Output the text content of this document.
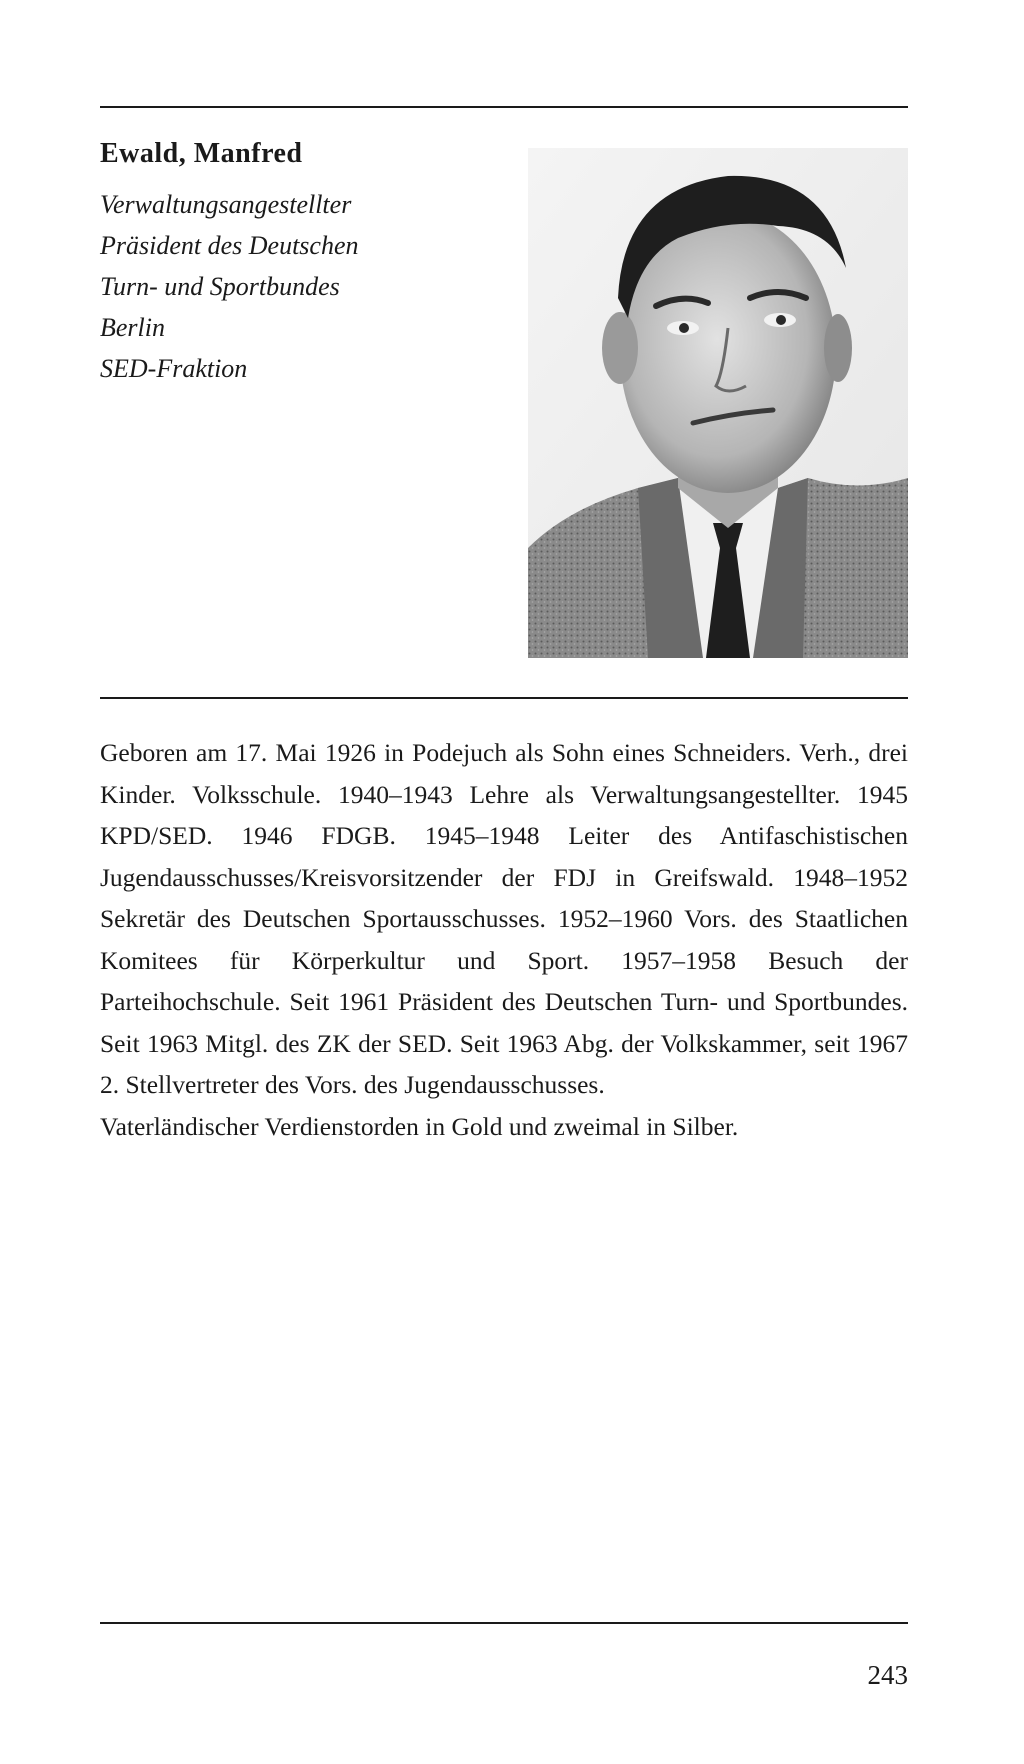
Ewald, Manfred

Verwaltungsangestellter

Präsident des Deutschen

Turn- und Sportbundes

Berlin

SED-Fraktion

Geboren am 17. Mai 1926 in Podejuch als Sohn eines Schneiders. Verh., drei Kinder. Volksschule. 1940–1943 Lehre als Verwaltungsangestellter. 1945 KPD/SED. 1946 FDGB. 1945–1948 Leiter des Antifaschistischen Jugendausschusses/Kreisvorsitzender der FDJ in Greifswald. 1948–1952 Sekretär des Deutschen Sportausschusses. 1952–1960 Vors. des Staatlichen Komitees für Körperkultur und Sport. 1957–1958 Besuch der Parteihochschule. Seit 1961 Präsident des Deutschen Turn- und Sportbundes. Seit 1963 Mitgl. des ZK der SED. Seit 1963 Abg. der Volkskammer, seit 1967 2. Stellvertreter des Vors. des Jugendausschusses.

Vaterländischer Verdienstorden in Gold und zweimal in Silber.

243
